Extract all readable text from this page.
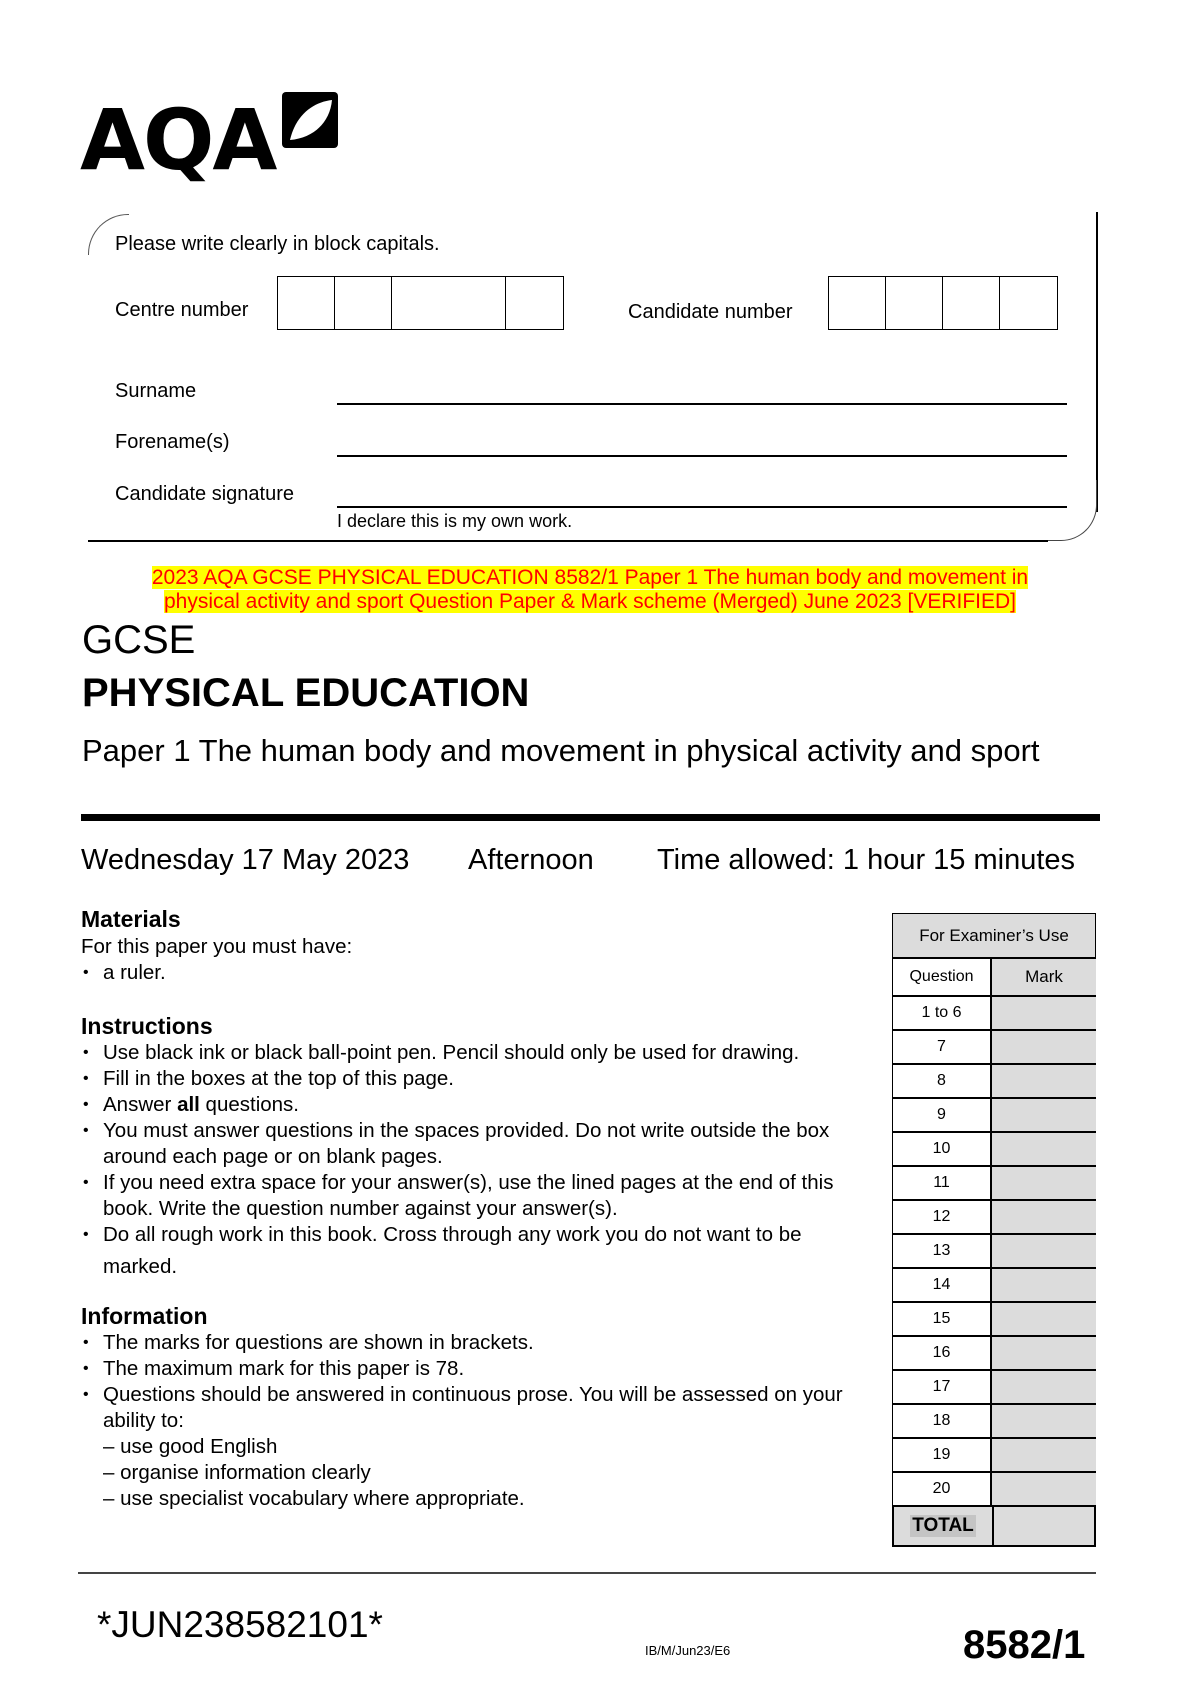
AQA
Please write clearly in block capitals.
Centre number	Candidate number
Surname
Forename(s)
Candidate signature
I declare this is my own work.
2023 AQA GCSE PHYSICAL EDUCATION 8582/1 Paper 1 The human body and movement in
physical activity and sport Question Paper & Mark scheme (Merged) June 2023 [VERIFIED]
GCSE
PHYSICAL EDUCATION
Paper 1 The human body and movement in physical activity and sport
Wednesday 17 May 2023 Afternoon Time allowed: 1 hour 15 minutes
Materials
For this paper you must have:
• a ruler.
Instructions
• Use black ink or black ball-point pen. Pencil should only be used for drawing.
• Fill in the boxes at the top of this page.
• Answer all questions.
• You must answer questions in the spaces provided. Do not write outside the box around each page or on blank pages.
• If you need extra space for your answer(s), use the lined pages at the end of this book. Write the question number against your answer(s).
• Do all rough work in this book. Cross through any work you do not want to be marked.
Information
• The marks for questions are shown in brackets.
• The maximum mark for this paper is 78.
• Questions should be answered in continuous prose. You will be assessed on your ability to:
– use good English
– organise information clearly
– use specialist vocabulary where appropriate.
For Examiner’s Use
Question	Mark
1 to 6
7
8
9
10
11
12
13
14
15
16
17
18
19
20
TOTAL
*JUN238582101*
IB/M/Jun23/E6	8582/1
